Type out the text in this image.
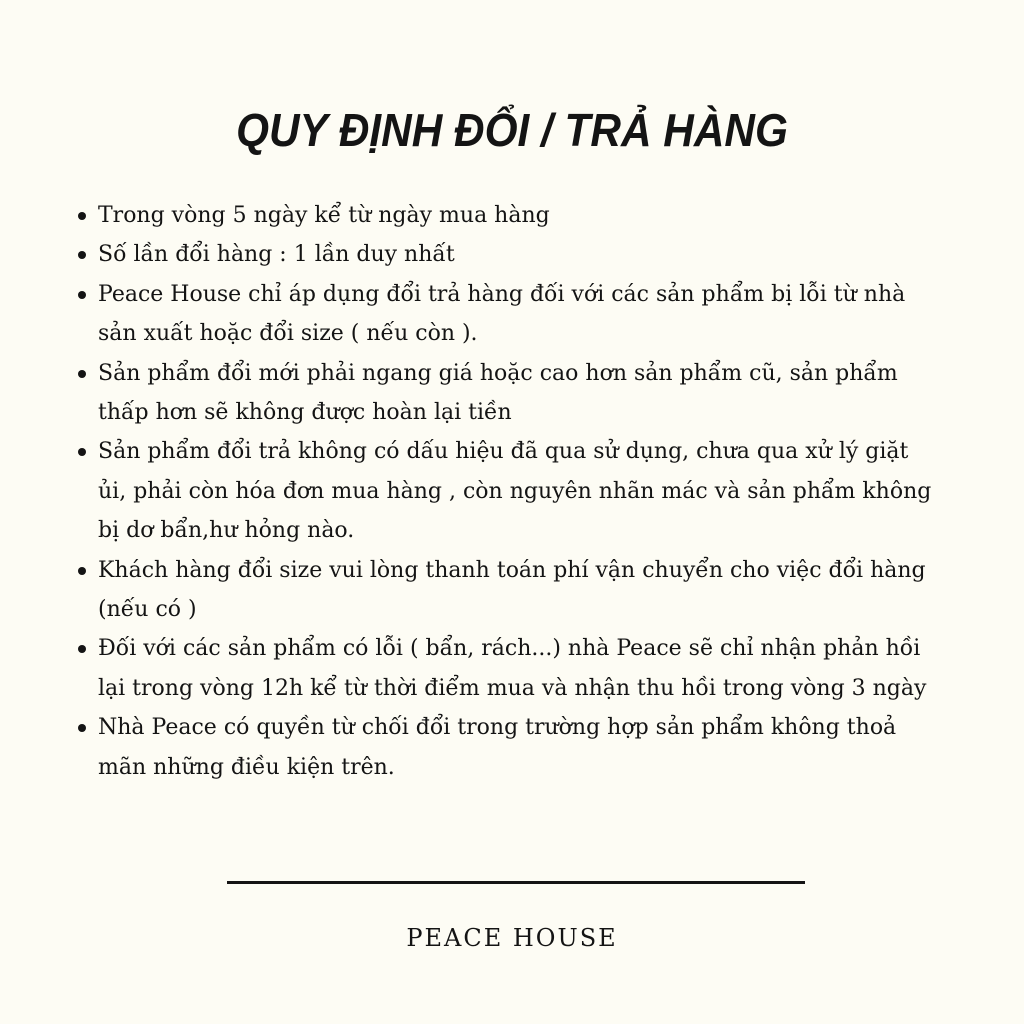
QUY ĐỊNH ĐỔI / TRẢ HÀNG
Trong vòng 5 ngày kể từ ngày mua hàng
Số lần đổi hàng : 1 lần duy nhất
Peace House chỉ áp dụng đổi trả hàng đối với các sản phẩm bị lỗi từ nhà sản xuất hoặc đổi size ( nếu còn ).
Sản phẩm đổi mới phải ngang giá hoặc cao hơn sản phẩm cũ, sản phẩm thấp hơn sẽ không được hoàn lại tiền
Sản phẩm đổi trả không có dấu hiệu đã qua sử dụng, chưa qua xử lý giặt ủi, phải còn hóa đơn mua hàng , còn nguyên nhãn mác và sản phẩm không bị dơ bẩn,hư hỏng nào.
Khách hàng đổi size vui lòng thanh toán phí vận chuyển cho việc đổi hàng (nếu có )
Đối với các sản phẩm có lỗi ( bẩn, rách...) nhà Peace sẽ chỉ nhận phản hồi lại trong vòng 12h kể từ thời điểm mua và nhận thu hồi trong vòng 3 ngày
Nhà Peace có quyền từ chối đổi trong trường hợp sản phẩm không thoả mãn những điều kiện trên.

PEACE HOUSE
